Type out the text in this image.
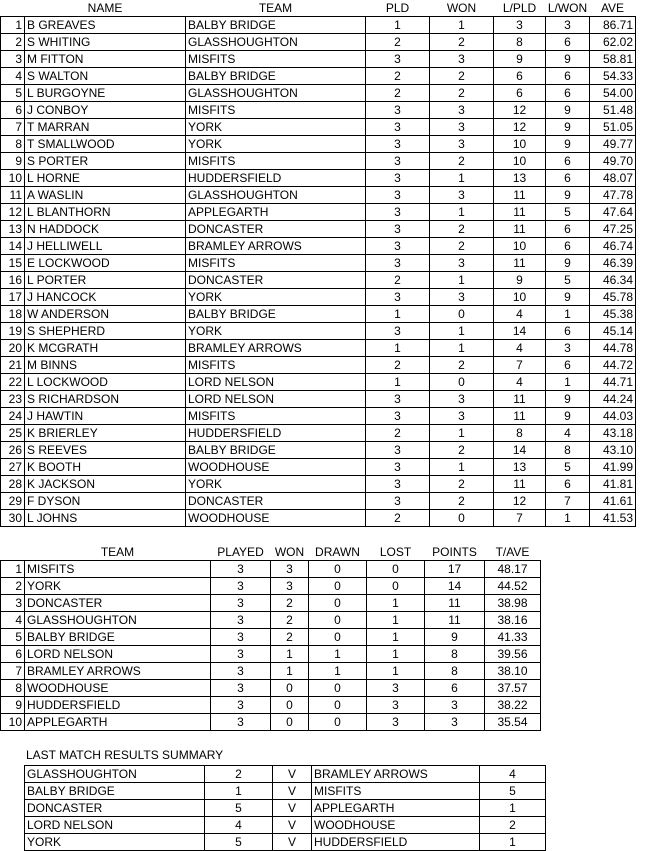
	NAME	TEAM	PLD	WON	L/PLD	L/WON	AVE
1	B GREAVES	BALBY BRIDGE	1	1	3	3	86.71
2	S WHITING	GLASSHOUGHTON	2	2	8	6	62.02
3	M FITTON	MISFITS	3	3	9	9	58.81
4	S WALTON	BALBY BRIDGE	2	2	6	6	54.33
5	L BURGOYNE	GLASSHOUGHTON	2	2	6	6	54.00
6	J CONBOY	MISFITS	3	3	12	9	51.48
7	T MARRAN	YORK	3	3	12	9	51.05
8	T SMALLWOOD	YORK	3	3	10	9	49.77
9	S PORTER	MISFITS	3	2	10	6	49.70
10	L HORNE	HUDDERSFIELD	3	1	13	6	48.07
11	A WASLIN	GLASSHOUGHTON	3	3	11	9	47.78
12	L BLANTHORN	APPLEGARTH	3	1	11	5	47.64
13	N HADDOCK	DONCASTER	3	2	11	6	47.25
14	J HELLIWELL	BRAMLEY ARROWS	3	2	10	6	46.74
15	E LOCKWOOD	MISFITS	3	3	11	9	46.39
16	L PORTER	DONCASTER	2	1	9	5	46.34
17	J HANCOCK	YORK	3	3	10	9	45.78
18	W ANDERSON	BALBY BRIDGE	1	0	4	1	45.38
19	S SHEPHERD	YORK	3	1	14	6	45.14
20	K MCGRATH	BRAMLEY ARROWS	1	1	4	3	44.78
21	M BINNS	MISFITS	2	2	7	6	44.72
22	L LOCKWOOD	LORD NELSON	1	0	4	1	44.71
23	S RICHARDSON	LORD NELSON	3	3	11	9	44.24
24	J HAWTIN	MISFITS	3	3	11	9	44.03
25	K BRIERLEY	HUDDERSFIELD	2	1	8	4	43.18
26	S REEVES	BALBY BRIDGE	3	2	14	8	43.10
27	K BOOTH	WOODHOUSE	3	1	13	5	41.99
28	K JACKSON	YORK	3	2	11	6	41.81
29	F DYSON	DONCASTER	3	2	12	7	41.61
30	L JOHNS	WOODHOUSE	2	0	7	1	41.53
	TEAM	PLAYED	WON	DRAWN	LOST	POINTS	T/AVE
1	MISFITS	3	3	0	0	17	48.17
2	YORK	3	3	0	0	14	44.52
3	DONCASTER	3	2	0	1	11	38.98
4	GLASSHOUGHTON	3	2	0	1	11	38.16
5	BALBY BRIDGE	3	2	0	1	9	41.33
6	LORD NELSON	3	1	1	1	8	39.56
7	BRAMLEY ARROWS	3	1	1	1	8	38.10
8	WOODHOUSE	3	0	0	3	6	37.57
9	HUDDERSFIELD	3	0	0	3	3	38.22
10	APPLEGARTH	3	0	0	3	3	35.54
LAST MATCH RESULTS SUMMARY
GLASSHOUGHTON	2	V	BRAMLEY ARROWS	4
BALBY BRIDGE	1	V	MISFITS	5
DONCASTER	5	V	APPLEGARTH	1
LORD NELSON	4	V	WOODHOUSE	2
YORK	5	V	HUDDERSFIELD	1
